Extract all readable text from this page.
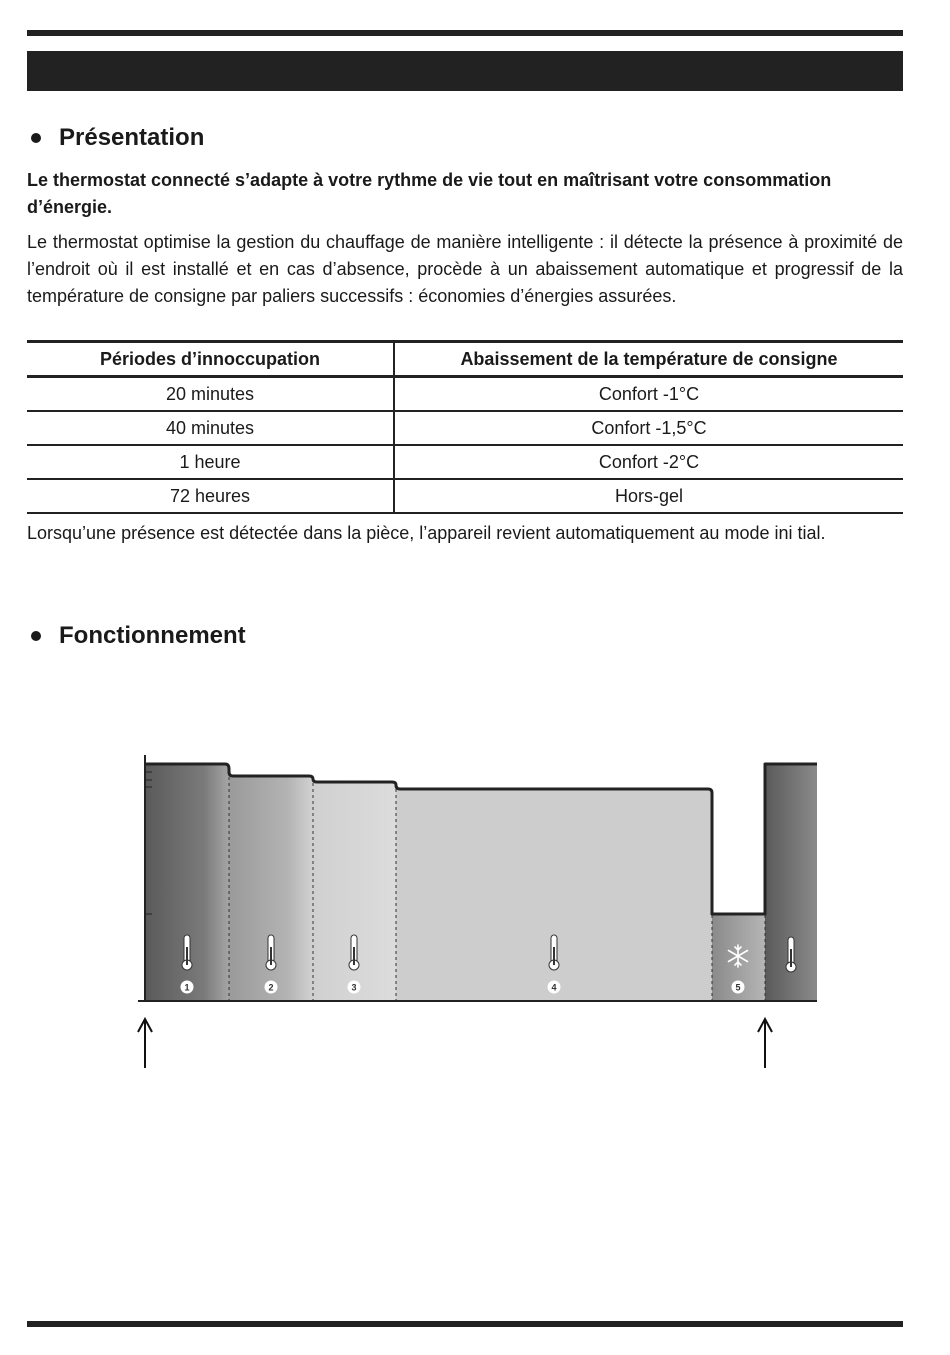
Présentation
Le thermostat connecté s’adapte à votre rythme de vie tout en maîtrisant votre consommation d’énergie.
Le thermostat optimise la gestion du chauffage de manière intelligente : il détecte la présence à proximité de l’endroit où il est installé et en cas d’absence, procède à un abaissement automatique et progressif de la température de consigne par paliers successifs : économies d’énergies assurées.
Périodes d’innoccupation	Abaissement de la température de consigne
20 minutes	Confort -1°C
40 minutes	Confort -1,5°C
1 heure	Confort -2°C
72 heures	Hors-gel
Lorsqu’une présence est détectée dans la pièce, l’appareil revient automatiquement au mode ini tial.
Fonctionnement
1	2	3	4	5
